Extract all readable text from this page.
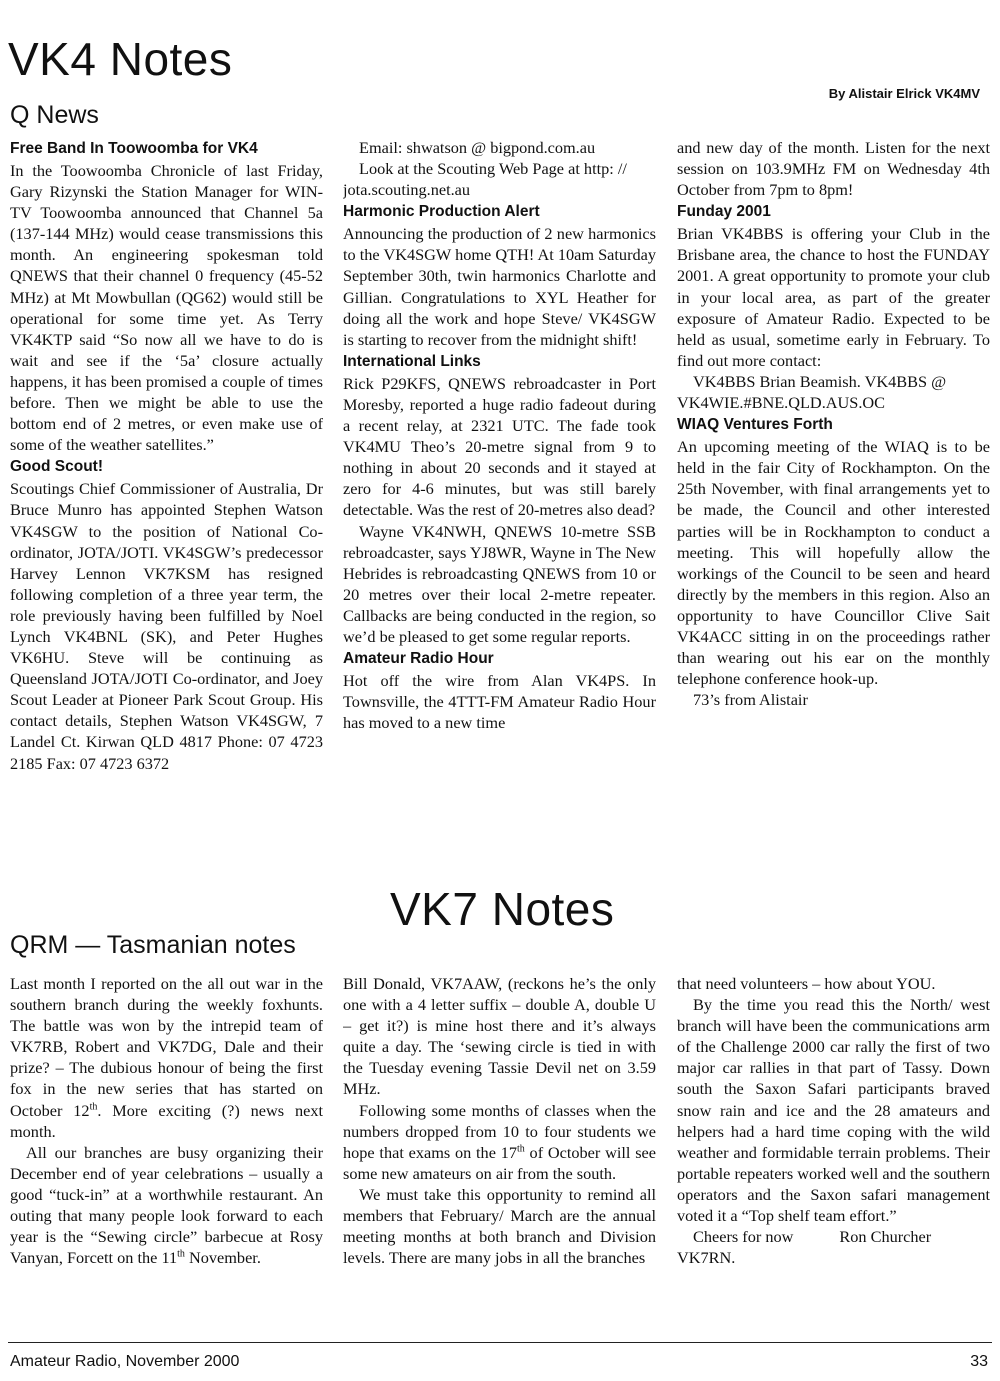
VK4 Notes
By Alistair Elrick VK4MV
Q News
Free Band In Toowoomba for VK4

In the Toowoomba Chronicle of last Friday, Gary Rizynski the Station Manager for WIN-TV Toowoomba announced that Channel 5a (137-144 MHz) would cease transmissions this month. An engineering spokesman told QNEWS that their channel 0 frequency (45-52 MHz) at Mt Mowbullan (QG62) would still be operational for some time yet. As Terry VK4KTP said “So now all we have to do is wait and see if the ‘5a’ closure actually happens, it has been promised a couple of times before. Then we might be able to use the bottom end of 2 metres, or even make use of some of the weather satellites.”

Good Scout!

Scoutings Chief Commissioner of Australia, Dr Bruce Munro has appointed Stephen Watson VK4SGW to the position of National Co-ordinator, JOTA/JOTI. VK4SGW’s predecessor Harvey Lennon VK7KSM has resigned following completion of a three year term, the role previously having been fulfilled by Noel Lynch VK4BNL (SK), and Peter Hughes VK6HU. Steve will be continuing as Queensland JOTA/JOTI Co-ordinator, and Joey Scout Leader at Pioneer Park Scout Group. His contact details, Stephen Watson VK4SGW, 7 Landel Ct. Kirwan QLD 4817 Phone: 07 4723 2185 Fax: 07 4723 6372

Email: shwatson @ bigpond.com.au

Look at the Scouting Web Page at http: // jota.scouting.net.au

Harmonic Production Alert

Announcing the production of 2 new harmonics to the VK4SGW home QTH! At 10am Saturday September 30th, twin harmonics Charlotte and Gillian. Congratulations to XYL Heather for doing all the work and hope Steve/ VK4SGW is starting to recover from the midnight shift!

International Links

Rick P29KFS, QNEWS rebroadcaster in Port Moresby, reported a huge radio fadeout during a recent relay, at 2321 UTC. The fade took VK4MU Theo’s 20-metre signal from 9 to nothing in about 20 seconds and it stayed at zero for 4-6 minutes, but was still barely detectable. Was the rest of 20-metres also dead?

Wayne VK4NWH, QNEWS 10-metre SSB rebroadcaster, says YJ8WR, Wayne in The New Hebrides is rebroadcasting QNEWS from 10 or 20 metres over their local 2-metre repeater. Callbacks are being conducted in the region, so we’d be pleased to get some regular reports.

Amateur Radio Hour

Hot off the wire from Alan VK4PS. In Townsville, the 4TTT-FM Amateur Radio Hour has moved to a new time

and new day of the month. Listen for the next session on 103.9MHz FM on Wednesday 4th October from 7pm to 8pm!

Funday 2001

Brian VK4BBS is offering your Club in the Brisbane area, the chance to host the FUNDAY 2001. A great opportunity to promote your club in your local area, as part of the greater exposure of Amateur Radio. Expected to be held as usual, sometime early in February. To find out more contact:

VK4BBS Brian Beamish. VK4BBS @ VK4WIE.#BNE.QLD.AUS.OC

WIAQ Ventures Forth

An upcoming meeting of the WIAQ is to be held in the fair City of Rockhampton. On the 25th November, with final arrangements yet to be made, the Council and other interested parties will be in Rockhampton to conduct a meeting. This will hopefully allow the workings of the Council to be seen and heard directly by the members in this region. Also an opportunity to have Councillor Clive Sait VK4ACC sitting in on the proceedings rather than wearing out his ear on the monthly telephone conference hook-up.

73’s from Alistair

VK7 Notes
QRM — Tasmanian notes

Last month I reported on the all out war in the southern branch during the weekly foxhunts. The battle was won by the intrepid team of VK7RB, Robert and VK7DG, Dale and their prize? – The dubious honour of being the first fox in the new series that has started on October 12th. More exciting (?) news next month.

All our branches are busy organizing their December end of year celebrations – usually a good “tuck-in” at a worthwhile restaurant. An outing that many people look forward to each year is the “Sewing circle” barbecue at Rosy Vanyan, Forcett on the 11th November.

Bill Donald, VK7AAW, (reckons he’s the only one with a 4 letter suffix – double A, double U – get it?) is mine host there and it’s always quite a day. The ‘sewing circle is tied in with the Tuesday evening Tassie Devil net on 3.59 MHz.

Following some months of classes when the numbers dropped from 10 to four students we hope that exams on the 17th of October will see some new amateurs on air from the south.

We must take this opportunity to remind all members that February/ March are the annual meeting months at both branch and Division levels. There are many jobs in all the branches

that need volunteers – how about YOU.

By the time you read this the North/ west branch will have been the communications arm of the Challenge 2000 car rally the first of two major car rallies in that part of Tassy. Down south the Saxon Safari participants braved snow rain and ice and the 28 amateurs and helpers had a hard time coping with the wild weather and formidable terrain problems. Their portable repeaters worked well and the southern operators and the Saxon safari management voted it a “Top shelf team effort.”

Cheers for now	Ron Churcher

VK7RN.

Amateur Radio, November 2000	33
